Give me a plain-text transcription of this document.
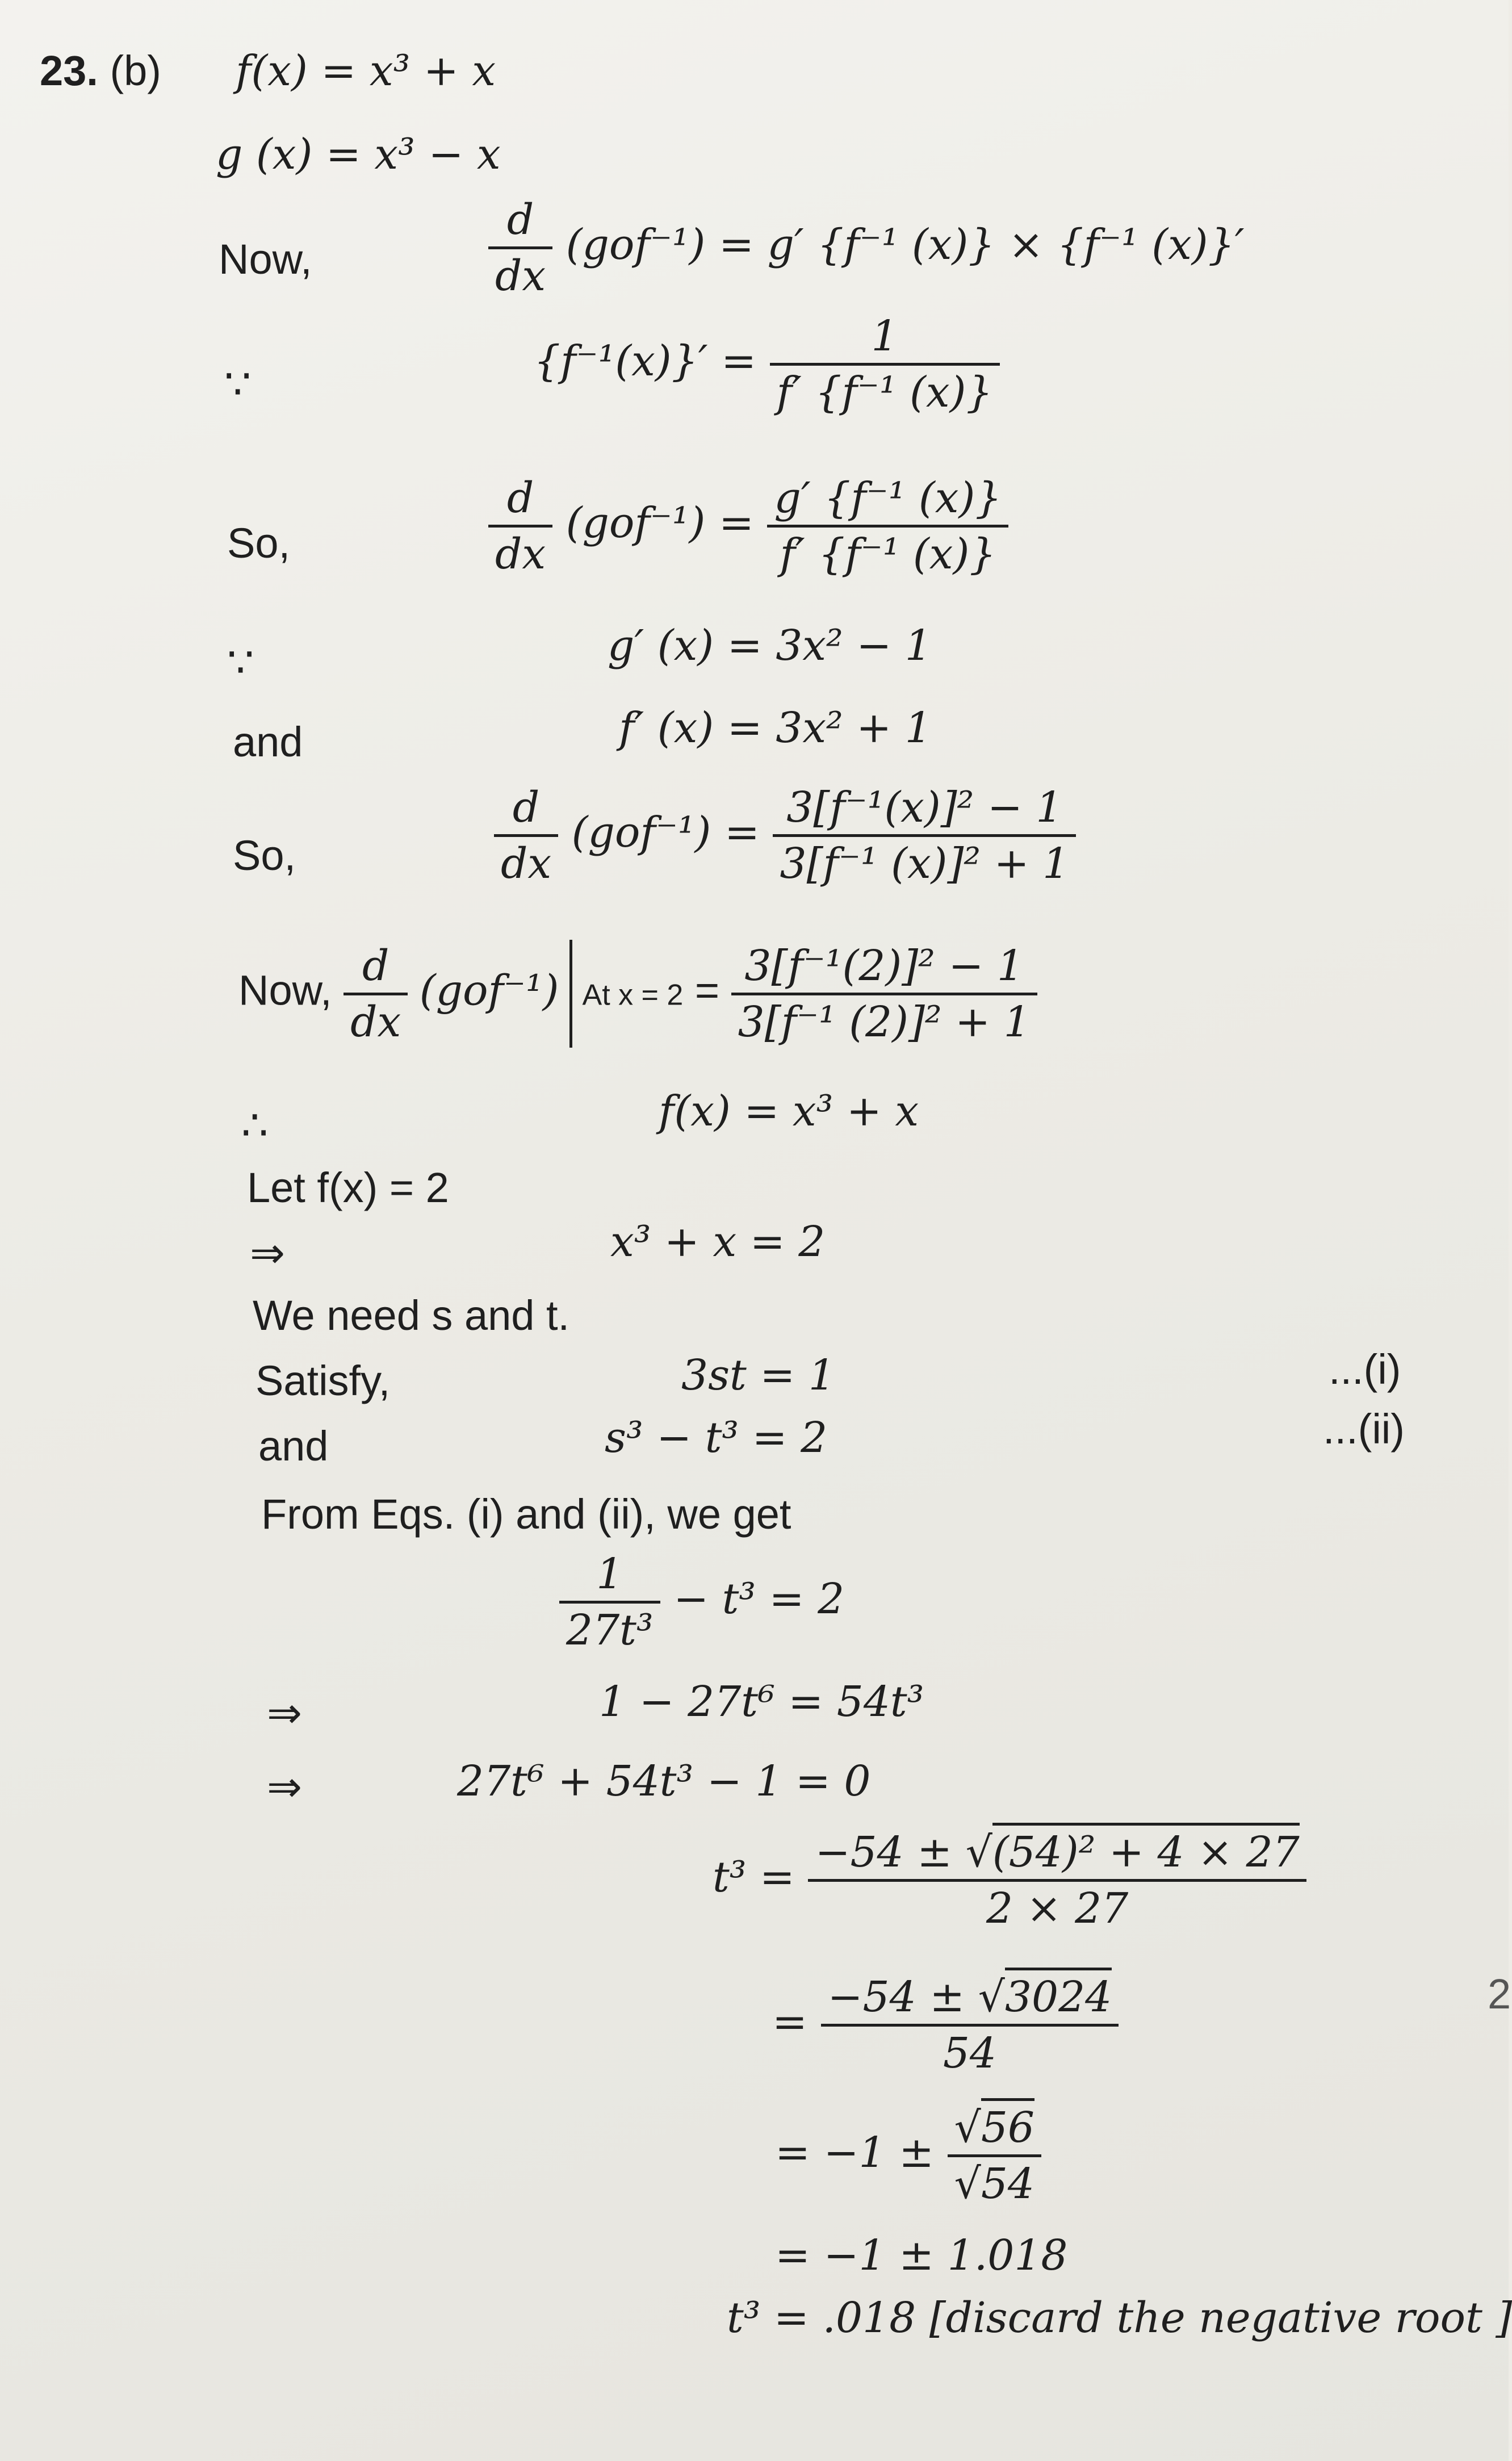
23. (b) f(x) = x³ + x
g (x) = x³ − x
Now,	$\frac{d}{dx} (gof^{-1}) = g'$ {f⁻¹ (x)} × {f⁻¹ (x)}′
∵	$\{f^{-1}(x)\}' = \frac{1}{\text{f′ \{f⁻¹ (x)\}}}$
So,	$\frac{d}{dx} (gof^{-1}) = \frac{\text{g′ \{f⁻¹ (x)\}}}{\text{f′ \{f⁻¹ (x)\}}}$
∵	g′ (x) = 3x² − 1
and	f′ (x) = 3x² + 1
So,	$\frac{d}{dx} (gof^{-1}) = \frac{\text{3[f⁻¹(x)]² − 1}}{\text{3[f⁻¹ (x)]² + 1}}$
Now, $\frac{d}{dx} (gof^{-1})$ At $x = 2 = \frac{\text{3[f⁻¹(2)]² − 1}}{\text{3[f⁻¹ (2)]² + 1}}$
∴	f(x) = x³ + x
Let f(x) = 2
⇒	x³ + x = 2
We need s and t.
Satisfy,	3st = 1	...(i)
and	s³ − t³ = 2	...(ii)
From Eqs. (i) and (ii), we get
$\frac{1}{\text{27t³}} - t^3 = 2$
⇒	1 − 27t⁶ = 54t³
⇒	27t⁶ + 54t³ − 1 = 0
$t^3 = \frac{\text{−54 ± √(54)² + 4 × 27}}{2 \times 27}$
= $\frac{-54 \pm √3024}{54}$
= $-1 \pm \frac{√56}{√54}$
= −1 ± 1.018
t³ = .018 [discard the negative root ]
2
